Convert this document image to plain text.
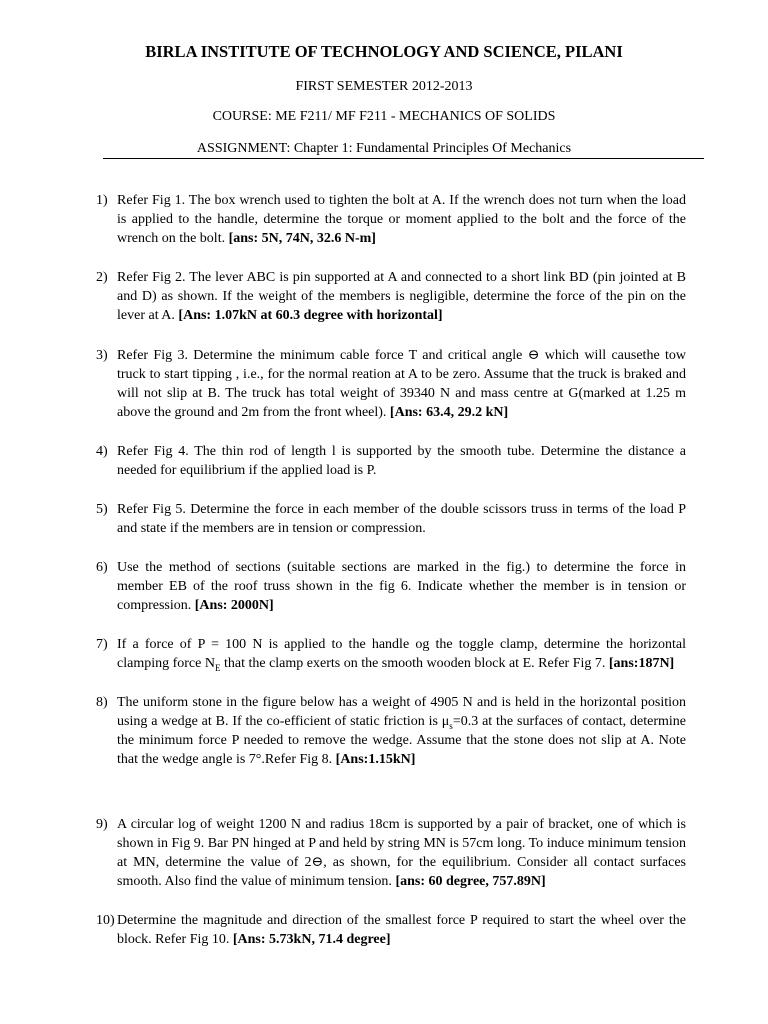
BIRLA INSTITUTE OF TECHNOLOGY AND SCIENCE, PILANI
FIRST SEMESTER 2012-2013
COURSE: ME F211/ MF F211 - MECHANICS OF SOLIDS
ASSIGNMENT: Chapter 1: Fundamental Principles Of Mechanics
1) Refer Fig 1. The box wrench used to tighten the bolt at A. If the wrench does not turn when the load is applied to the handle, determine the torque or moment applied to the bolt and the force of the wrench on the bolt. [ans: 5N, 74N, 32.6 N-m]
2) Refer Fig 2. The lever ABC is pin supported at A and connected to a short link BD (pin jointed at B and D) as shown. If the weight of the members is negligible, determine the force of the pin on the lever at A. [Ans: 1.07kN at 60.3 degree with horizontal]
3) Refer Fig 3. Determine the minimum cable force T and critical angle ⊖ which will causethe tow truck to start tipping , i.e., for the normal reation at A to be zero. Assume that the truck is braked and will not slip at B. The truck has total weight of 39340 N and mass centre at G(marked at 1.25 m above the ground and 2m from the front wheel). [Ans: 63.4, 29.2 kN]
4) Refer Fig 4. The thin rod of length l is supported by the smooth tube. Determine the distance a needed for equilibrium if the applied load is P.
5) Refer Fig 5. Determine the force in each member of the double scissors truss in terms of the load P and state if the members are in tension or compression.
6) Use the method of sections (suitable sections are marked in the fig.) to determine the force in member EB of the roof truss shown in the fig 6. Indicate whether the member is in tension or compression. [Ans: 2000N]
7) If a force of P = 100 N is applied to the handle og the toggle clamp, determine the horizontal clamping force $N_E$ that the clamp exerts on the smooth wooden block at E. Refer Fig 7. [ans:187N]
8) The uniform stone in the figure below has a weight of 4905 N and is held in the horizontal position using a wedge at B. If the co-efficient of static friction is $\mu_s=0.3$ at the surfaces of contact, determine the minimum force P needed to remove the wedge. Assume that the stone does not slip at A. Note that the wedge angle is 7°.Refer Fig 8. [Ans:1.15kN]
9) A circular log of weight 1200 N and radius 18cm is supported by a pair of bracket, one of which is shown in Fig 9. Bar PN hinged at P and held by string MN is 57cm long. To induce minimum tension at MN, determine the value of 2⊖, as shown, for the equilibrium. Consider all contact surfaces smooth. Also find the value of minimum tension. [ans: 60 degree, 757.89N]
10) Determine the magnitude and direction of the smallest force P required to start the wheel over the block. Refer Fig 10. [Ans: 5.73kN, 71.4 degree]
